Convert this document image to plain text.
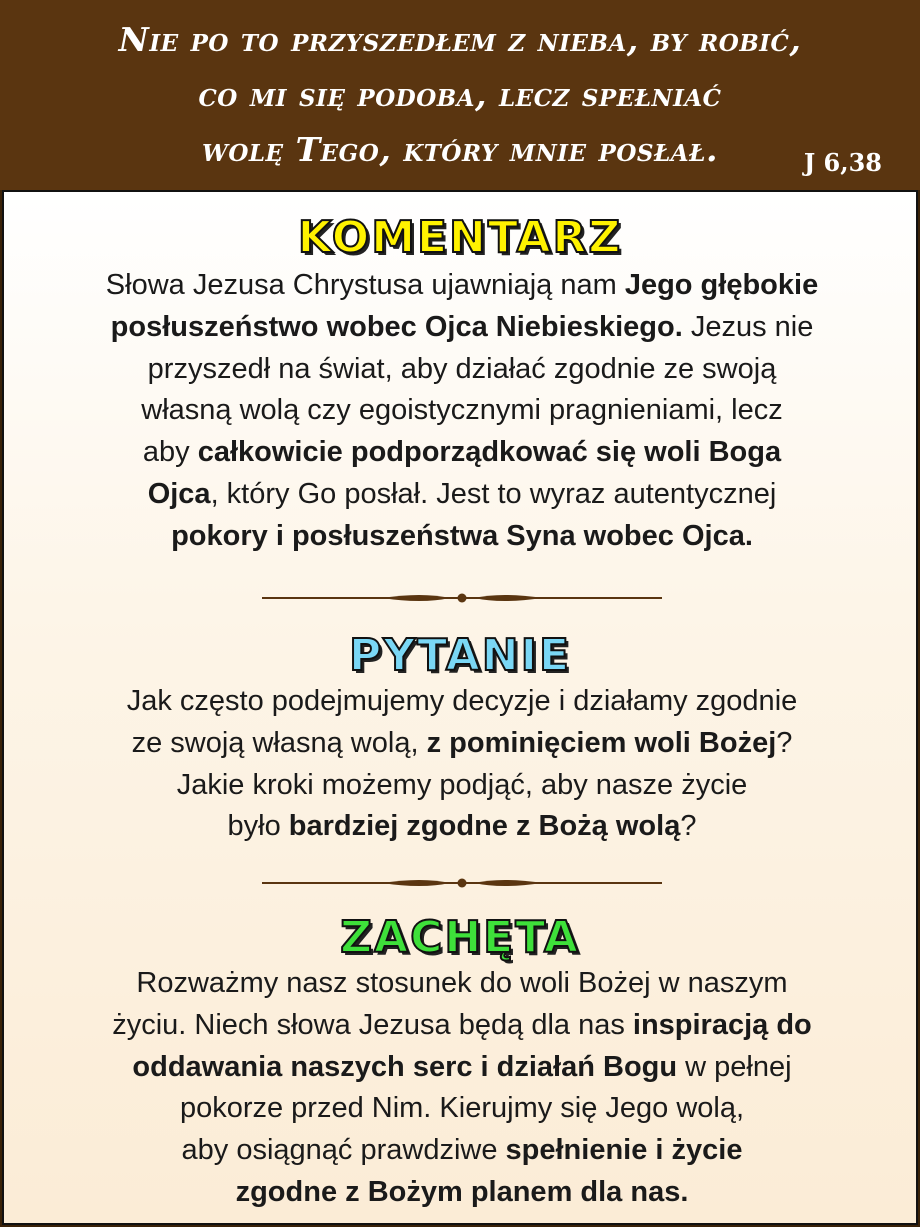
Nie po to przyszedłem z nieba, by robić,
co mi się podoba, lecz spełniać
wolę Tego, który mnie posłał.	J 6,38
KOMENTARZ
Słowa Jezusa Chrystusa ujawniają nam Jego głębokie
posłuszeństwo wobec Ojca Niebieskiego. Jezus nie
przyszedł na świat, aby działać zgodnie ze swoją
własną wolą czy egoistycznymi pragnieniami, lecz
aby całkowicie podporządkować się woli Boga
Ojca, który Go posłał. Jest to wyraz autentycznej
pokory i posłuszeństwa Syna wobec Ojca.
PYTANIE
Jak często podejmujemy decyzje i działamy zgodnie
ze swoją własną wolą, z pominięciem woli Bożej?
Jakie kroki możemy podjąć, aby nasze życie
było bardziej zgodne z Bożą wolą?
ZACHĘTA
Rozważmy nasz stosunek do woli Bożej w naszym
życiu. Niech słowa Jezusa będą dla nas inspiracją do
oddawania naszych serc i działań Bogu w pełnej
pokorze przed Nim. Kierujmy się Jego wolą,
aby osiągnąć prawdziwe spełnienie i życie
zgodne z Bożym planem dla nas.
